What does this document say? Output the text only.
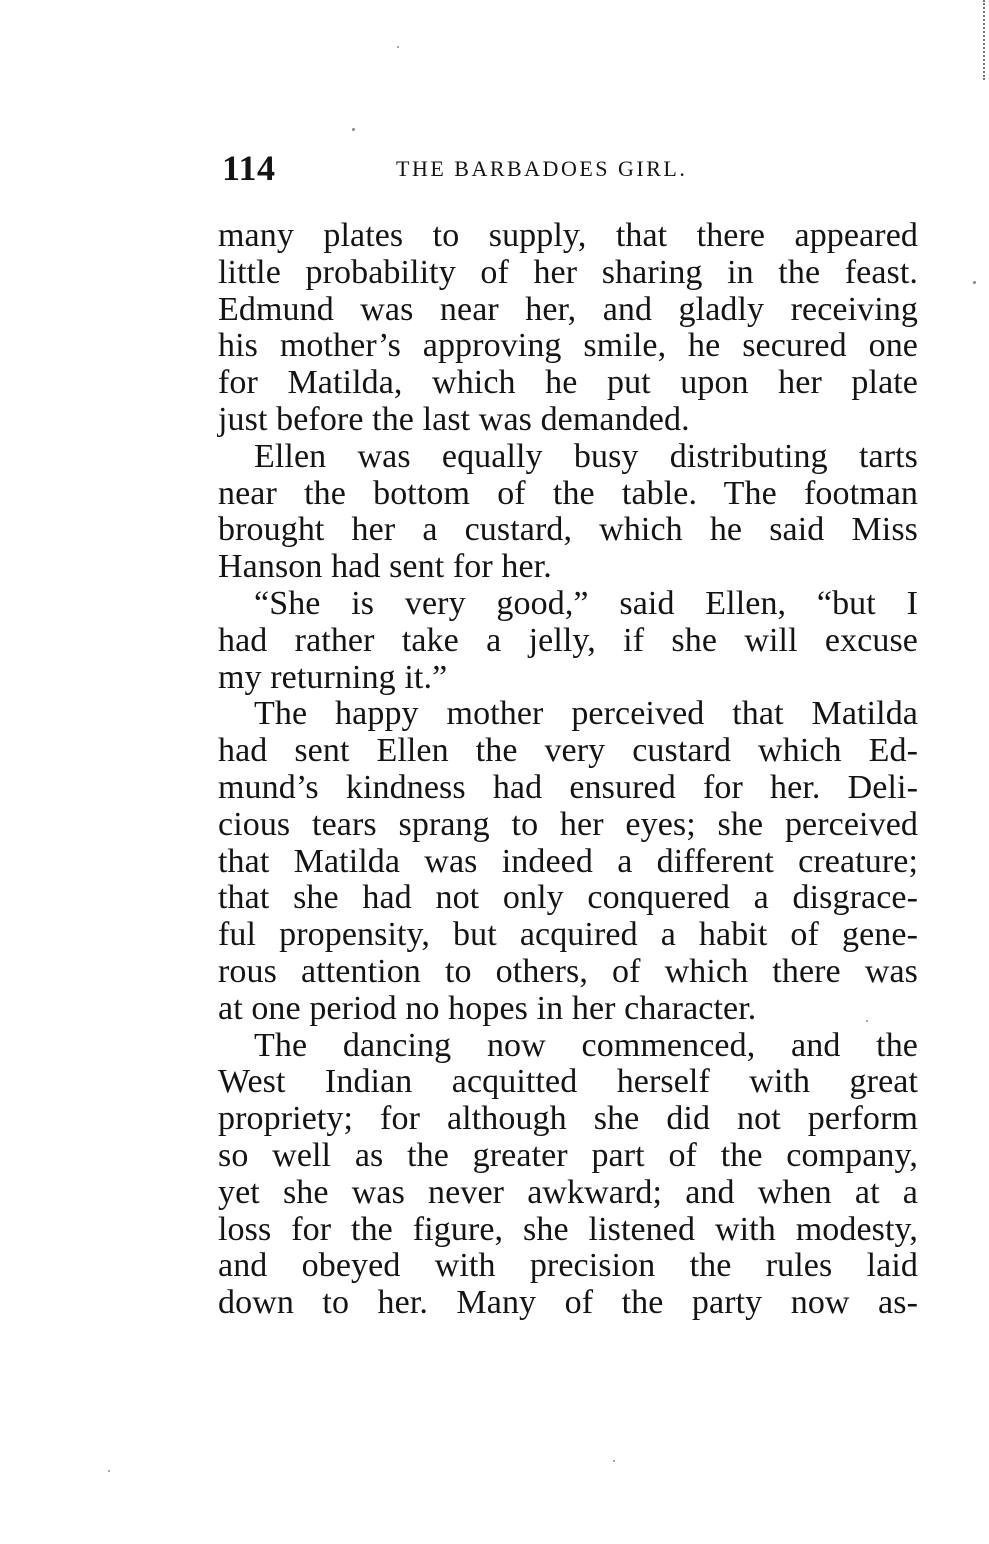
114	THE BARBADOES GIRL.
many plates to supply, that there appeared
little probability of her sharing in the feast.
Edmund was near her, and gladly receiving
his mother’s approving smile, he secured one
for Matilda, which he put upon her plate
just before the last was demanded.
Ellen was equally busy distributing tarts
near the bottom of the table. The footman
brought her a custard, which he said Miss
Hanson had sent for her.
“She is very good,” said Ellen, “but I
had rather take a jelly, if she will excuse
my returning it.”
The happy mother perceived that Matilda
had sent Ellen the very custard which Ed-
mund’s kindness had ensured for her. Deli-
cious tears sprang to her eyes; she perceived
that Matilda was indeed a different creature;
that she had not only conquered a disgrace-
ful propensity, but acquired a habit of gene-
rous attention to others, of which there was
at one period no hopes in her character.
The dancing now commenced, and the
West Indian acquitted herself with great
propriety; for although she did not perform
so well as the greater part of the company,
yet she was never awkward; and when at a
loss for the figure, she listened with modesty,
and obeyed with precision the rules laid
down to her. Many of the party now as-
